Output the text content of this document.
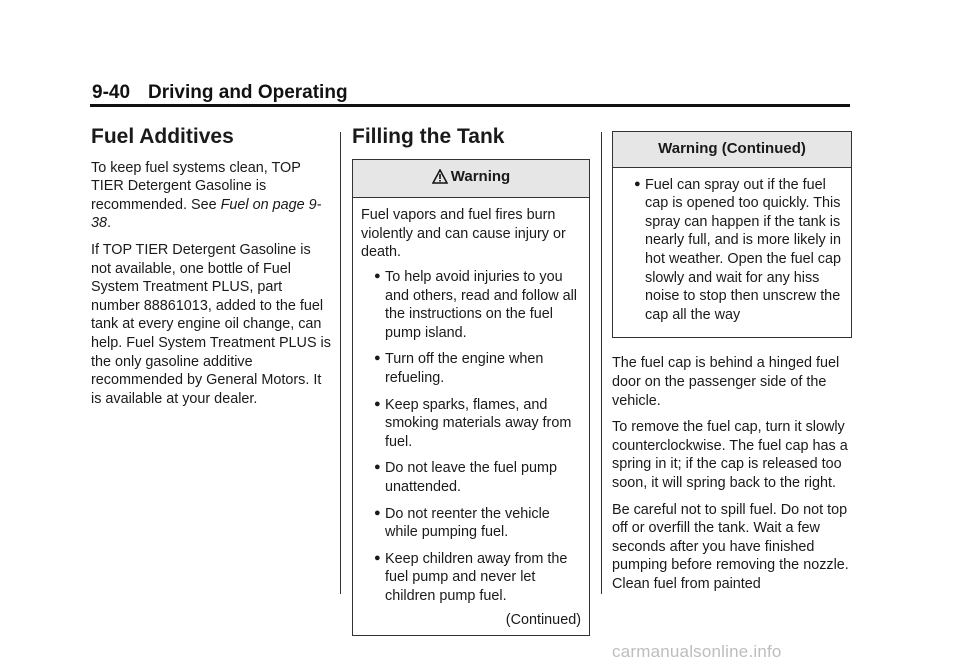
9-40 Driving and Operating
Fuel Additives

To keep fuel systems clean, TOP TIER Detergent Gasoline is recommended. See Fuel on page 9-38.

If TOP TIER Detergent Gasoline is not available, one bottle of Fuel System Treatment PLUS, part number 88861013, added to the fuel tank at every engine oil change, can help. Fuel System Treatment PLUS is the only gasoline additive recommended by General Motors. It is available at your dealer.

Filling the Tank
Warning
Fuel vapors and fuel fires burn violently and can cause injury or death.
● To help avoid injuries to you and others, read and follow all the instructions on the fuel pump island.
● Turn off the engine when refueling.
● Keep sparks, flames, and smoking materials away from fuel.
● Do not leave the fuel pump unattended.
● Do not reenter the vehicle while pumping fuel.
● Keep children away from the fuel pump and never let children pump fuel.
(Continued)
Warning (Continued)
● Fuel can spray out if the fuel cap is opened too quickly. This spray can happen if the tank is nearly full, and is more likely in hot weather. Open the fuel cap slowly and wait for any hiss noise to stop then unscrew the cap all the way

The fuel cap is behind a hinged fuel door on the passenger side of the vehicle.

To remove the fuel cap, turn it slowly counterclockwise. The fuel cap has a spring in it; if the cap is released too soon, it will spring back to the right.

Be careful not to spill fuel. Do not top off or overfill the tank. Wait a few seconds after you have finished pumping before removing the nozzle. Clean fuel from painted

carmanualsonline.info
